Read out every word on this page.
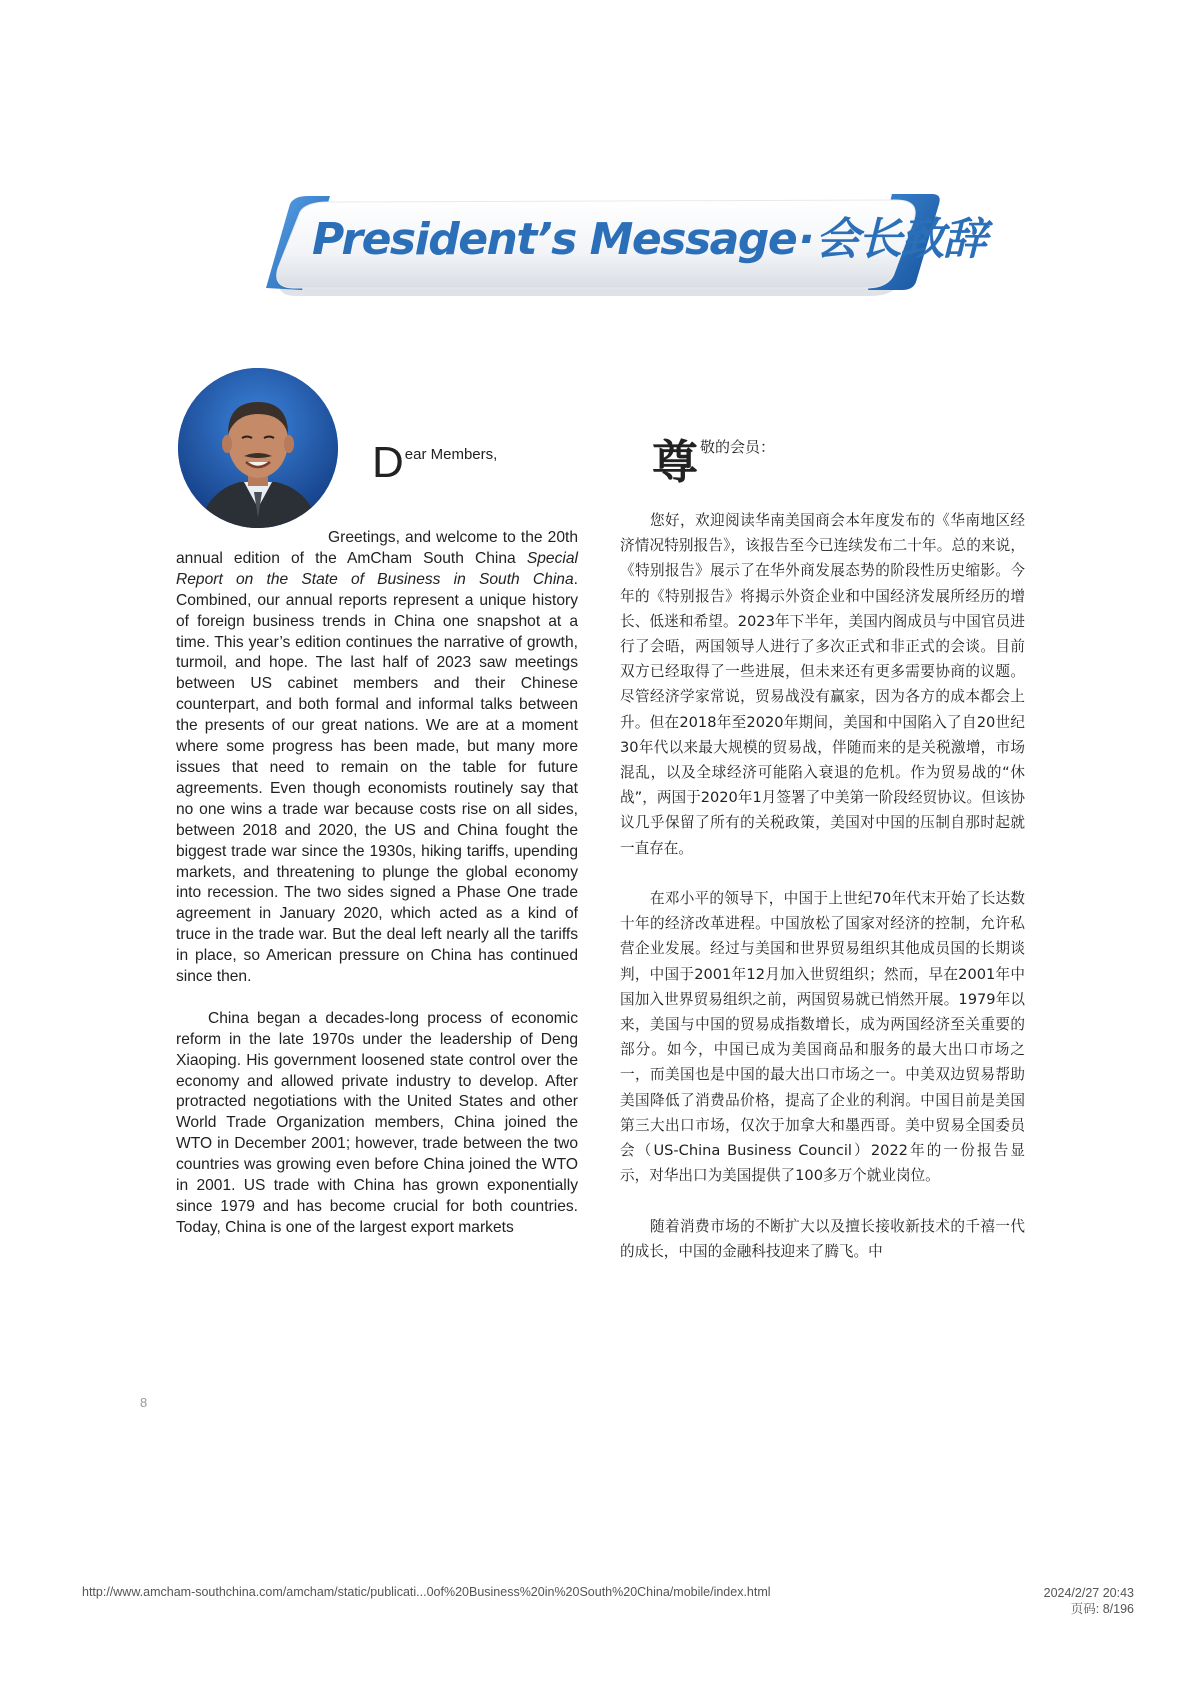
President’s Message·会长致辞
Dear Members,

Greetings, and welcome to the 20th annual edition of the AmCham South China Special Report on the State of Business in South China. Combined, our annual reports represent a unique history of foreign business trends in China one snapshot at a time. This year’s edition continues the narrative of growth, turmoil, and hope. The last half of 2023 saw meetings between US cabinet members and their Chinese counterpart, and both formal and informal talks between the presents of our great nations. We are at a moment where some progress has been made, but many more issues that need to remain on the table for future agreements. Even though economists routinely say that no one wins a trade war because costs rise on all sides, between 2018 and 2020, the US and China fought the biggest trade war since the 1930s, hiking tariffs, upending markets, and threatening to plunge the global economy into recession. The two sides signed a Phase One trade agreement in January 2020, which acted as a kind of truce in the trade war. But the deal left nearly all the tariffs in place, so American pressure on China has continued since then.

China began a decades-long process of economic reform in the late 1970s under the leadership of Deng Xiaoping. His government loosened state control over the economy and allowed private industry to develop. After protracted negotiations with the United States and other World Trade Organization members, China joined the WTO in December 2001; however, trade between the two countries was growing even before China joined the WTO in 2001. US trade with China has grown exponentially since 1979 and has become crucial for both countries. Today, China is one of the largest export markets

尊敬的会员：

您好，欢迎阅读华南美国商会本年度发布的《华南地区经济情况特别报告》，该报告至今已连续发布二十年。总的来说，《特别报告》展示了在华外商发展态势的阶段性历史缩影。今年的《特别报告》将揭示外资企业和中国经济发展所经历的增长、低迷和希望。2023年下半年，美国内阁成员与中国官员进行了会晤，两国领导人进行了多次正式和非正式的会谈。目前双方已经取得了一些进展，但未来还有更多需要协商的议题。尽管经济学家常说，贸易战没有赢家，因为各方的成本都会上升。但在2018年至2020年期间，美国和中国陷入了自20世纪30年代以来最大规模的贸易战，伴随而来的是关税激增，市场混乱，以及全球经济可能陷入衰退的危机。作为贸易战的“休战”，两国于2020年1月签署了中美第一阶段经贸协议。但该协议几乎保留了所有的关税政策，美国对中国的压制自那时起就一直存在。

在邓小平的领导下，中国于上世纪70年代末开始了长达数十年的经济改革进程。中国放松了国家对经济的控制，允许私营企业发展。经过与美国和世界贸易组织其他成员国的长期谈判，中国于2001年12月加入世贸组织；然而，早在2001年中国加入世界贸易组织之前，两国贸易就已悄然开展。1979年以来，美国与中国的贸易成指数增长，成为两国经济至关重要的部分。如今，中国已成为美国商品和服务的最大出口市场之一，而美国也是中国的最大出口市场之一。中美双边贸易帮助美国降低了消费品价格，提高了企业的利润。中国目前是美国第三大出口市场，仅次于加拿大和墨西哥。美中贸易全国委员会（US-China Business Council）2022年的一份报告显示，对华出口为美国提供了100多万个就业岗位。

随着消费市场的不断扩大以及擅长接收新技术的千禧一代的成长，中国的金融科技迎来了腾飞。中

8
http://www.amcham-southchina.com/amcham/static/publicati...0of%20Business%20in%20South%20China/mobile/index.html	2024/2/27 20:43
页码: 8/196
